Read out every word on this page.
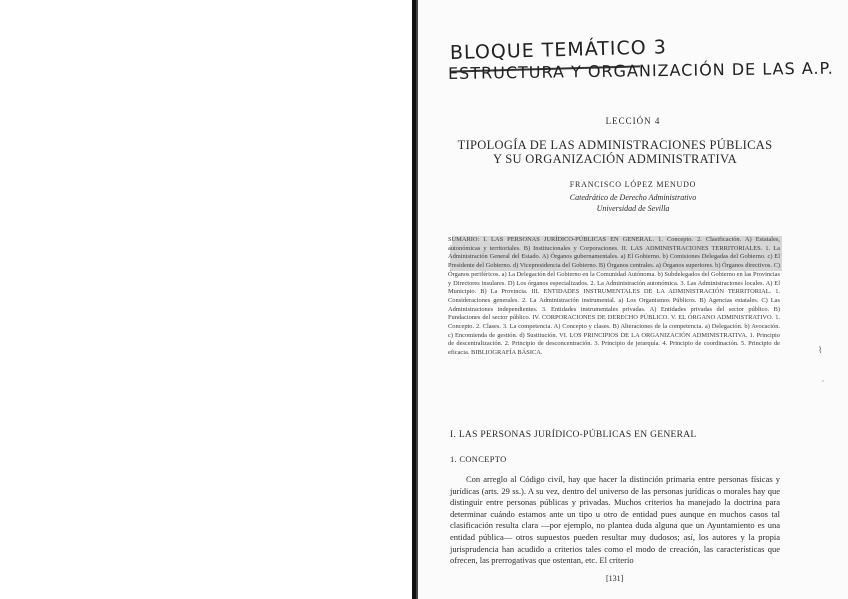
BLOQUE TEMÁTICO 3
ESTRUCTURA Y ORGANIZACIÓN DE LAS A.P.
LECCIÓN 4
TIPOLOGÍA DE LAS ADMINISTRACIONES PÚBLICAS
Y SU ORGANIZACIÓN ADMINISTRATIVA
FRANCISCO LÓPEZ MENUDO
Catedrático de Derecho Administrativo
Universidad de Sevilla

SUMARIO: I. LAS PERSONAS JURÍDICO-PÚBLICAS EN GENERAL. 1. Concepto. 2. Clasificación. A) Estatales, autonómicas y territoriales. B) Institucionales y Corporaciones. II. LAS ADMINISTRACIONES TERRITORIALES. 1. La Administración General del Estado. A) Órganos gubernamentales. a) El Gobierno. b) Comisiones Delegadas del Gobierno. c) El Presidente del Gobierno. d) Vicepresidencia del Gobierno. B) Órganos centrales. a) Órganos superiores. b) Órganos directivos. C) Órganos periféricos. a) La Delegación del Gobierno en la Comunidad Autónoma. b) Subdelegados del Gobierno en las Provincias y Directores insulares. D) Los órganos especializados. 2. La Administración autonómica. 3. Las Administraciones locales. A) El Municipio. B) La Provincia. III. ENTIDADES INSTRUMENTALES DE LA ADMINISTRACIÓN TERRITORIAL. 1. Consideraciones generales. 2. La Administración instrumental. a) Los Organismos Públicos. B) Agencias estatales. C) Las Administraciones independientes. 3. Entidades instrumentales privadas. A) Entidades privadas del sector público. B) Fundaciones del sector público. IV. CORPORACIONES DE DERECHO PÚBLICO. V. EL ÓRGANO ADMINISTRATIVO. 1. Concepto. 2. Clases. 3. La competencia. A) Concepto y clases. B) Alteraciones de la competencia. a) Delegación. b) Avocación. c) Encomienda de gestión. d) Sustitución. VI. LOS PRINCIPIOS DE LA ORGANIZACIÓN ADMINISTRATIVA. 1. Principio de descentralización. 2. Principio de desconcentración. 3. Principio de jerarquía. 4. Principio de coordinación. 5. Principio de eficacia. BIBLIOGRAFÍA BÁSICA.

I. LAS PERSONAS JURÍDICO-PÚBLICAS EN GENERAL
1. CONCEPTO

Con arreglo al Código civil, hay que hacer la distinción primaria entre personas físicas y jurídicas (arts. 29 ss.). A su vez, dentro del universo de las personas jurídicas o morales hay que distinguir entre personas públicas y privadas. Muchos criterios ha manejado la doctrina para determinar cuándo estamos ante un tipo u otro de entidad pues aunque en muchos casos tal clasificación resulta clara —por ejemplo, no plantea duda alguna que un Ayuntamiento es una entidad pública— otros supuestos pueden resultar muy dudosos; así, los autores y la propia jurisprudencia han acudido a criterios tales como el modo de creación, las características que ofrecen, las prerrogativas que ostentan, etc. El criterio

⌇
′
[131]
